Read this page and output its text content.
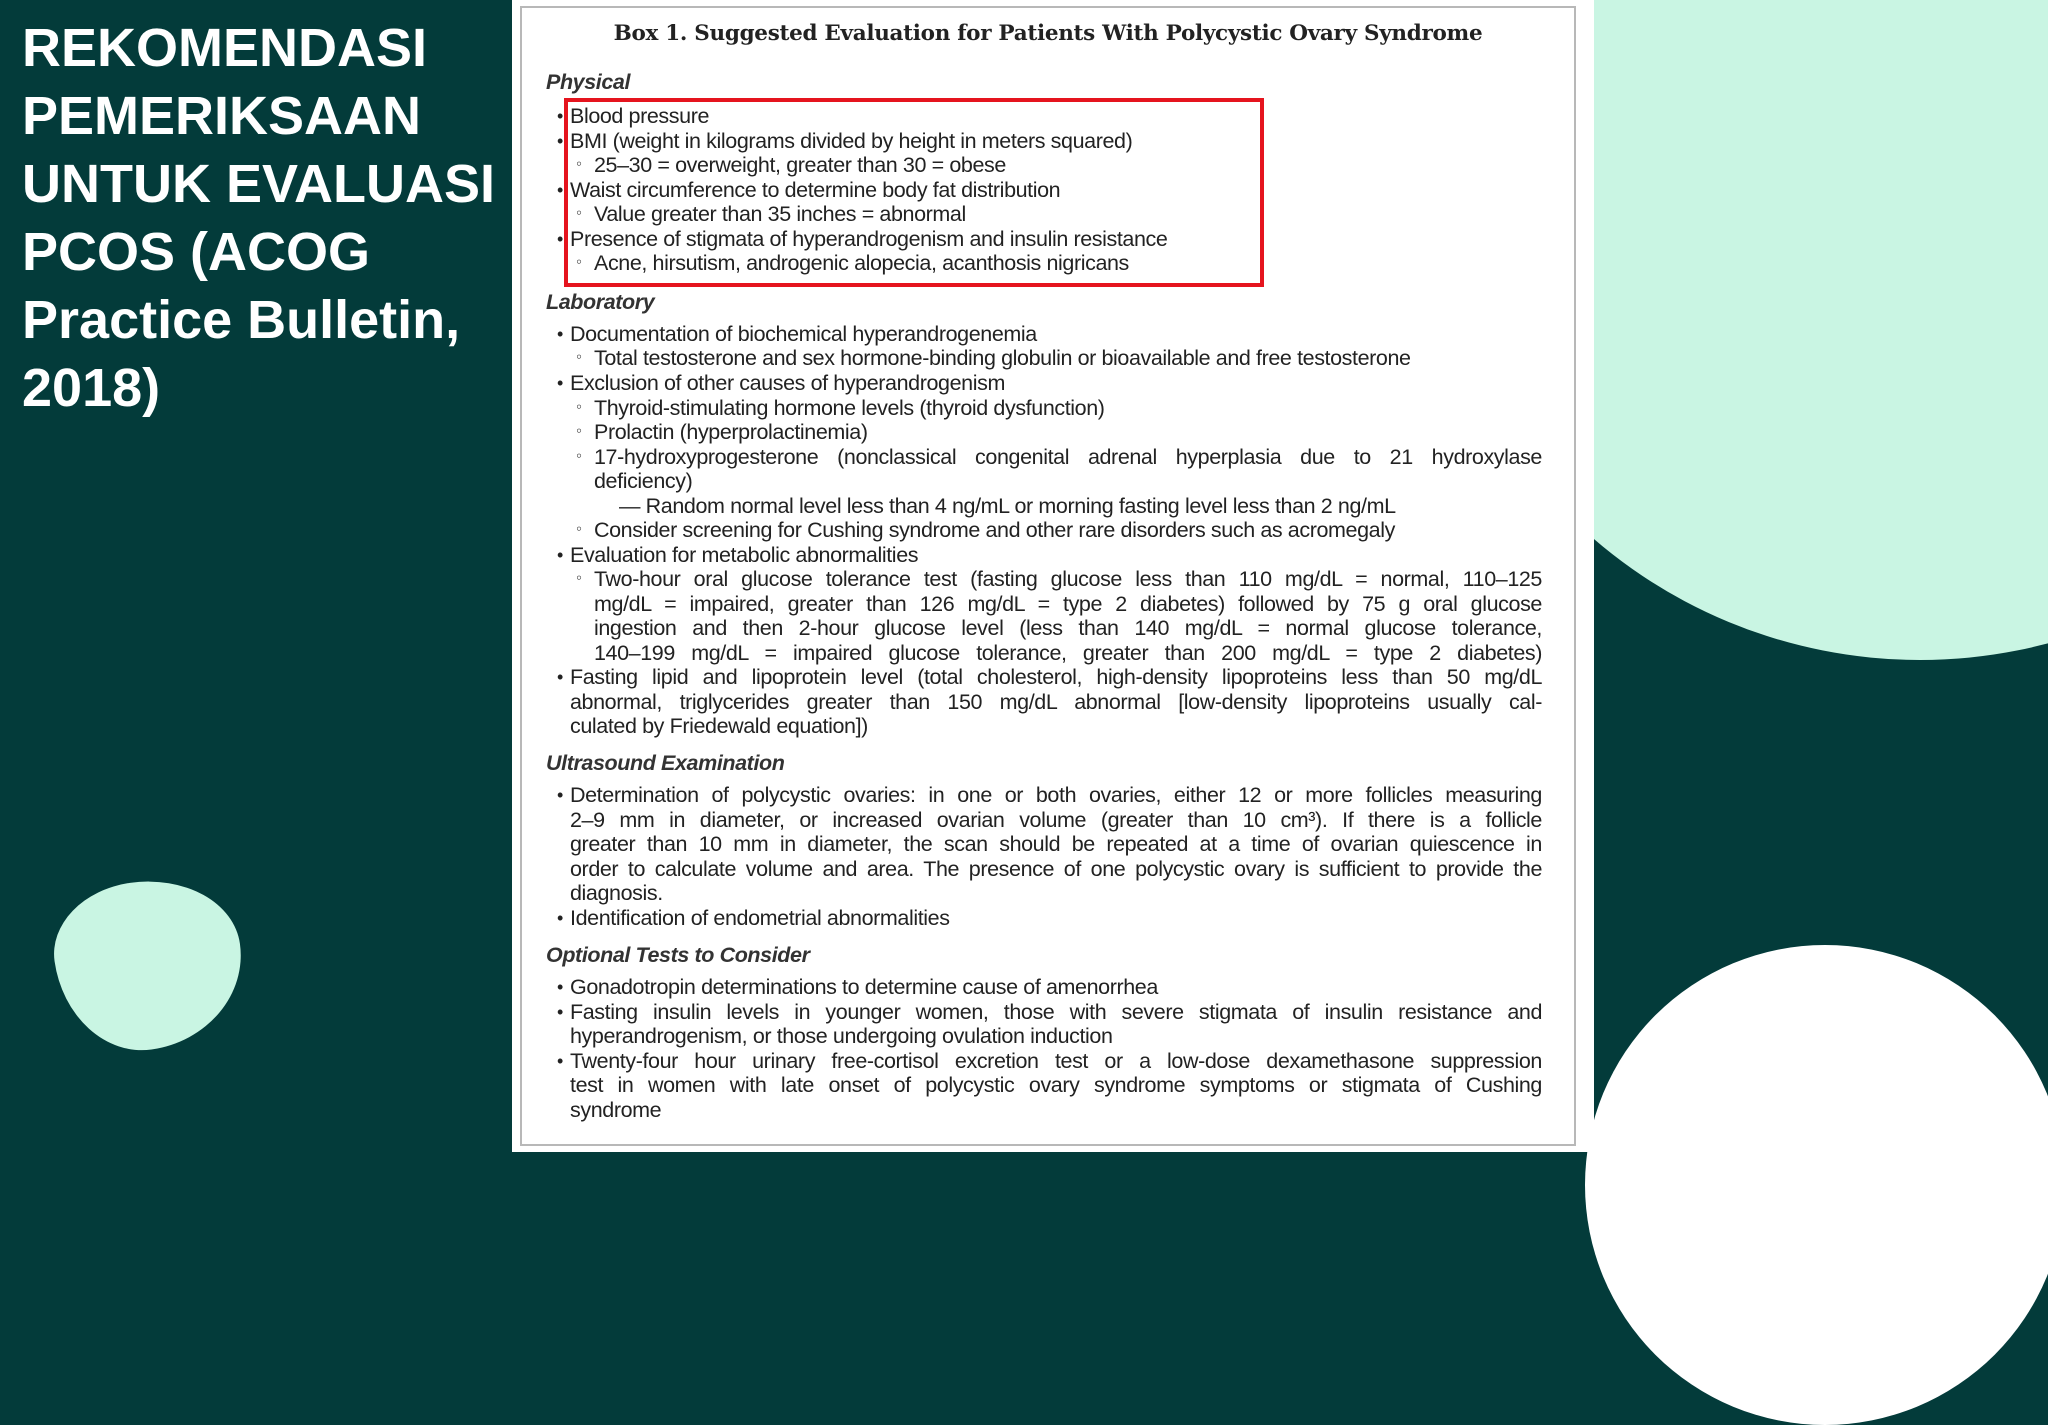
REKOMENDASI PEMERIKSAAN UNTUK EVALUASI PCOS (ACOG Practice Bulletin, 2018)
Box 1. Suggested Evaluation for Patients With Polycystic Ovary Syndrome
Physical
• Blood pressure
• BMI (weight in kilograms divided by height in meters squared)
◦ 25–30 = overweight, greater than 30 = obese
• Waist circumference to determine body fat distribution
◦ Value greater than 35 inches = abnormal
• Presence of stigmata of hyperandrogenism and insulin resistance
◦ Acne, hirsutism, androgenic alopecia, acanthosis nigricans
Laboratory
• Documentation of biochemical hyperandrogenemia
◦ Total testosterone and sex hormone-binding globulin or bioavailable and free testosterone
• Exclusion of other causes of hyperandrogenism
◦ Thyroid-stimulating hormone levels (thyroid dysfunction)
◦ Prolactin (hyperprolactinemia)
◦ 17-hydroxyprogesterone (nonclassical congenital adrenal hyperplasia due to 21 hydroxylase
deficiency)
— Random normal level less than 4 ng/mL or morning fasting level less than 2 ng/mL
◦ Consider screening for Cushing syndrome and other rare disorders such as acromegaly
• Evaluation for metabolic abnormalities
◦ Two-hour oral glucose tolerance test (fasting glucose less than 110 mg/dL = normal, 110–125
mg/dL = impaired, greater than 126 mg/dL = type 2 diabetes) followed by 75 g oral glucose
ingestion and then 2-hour glucose level (less than 140 mg/dL = normal glucose tolerance,
140–199 mg/dL = impaired glucose tolerance, greater than 200 mg/dL = type 2 diabetes)
• Fasting lipid and lipoprotein level (total cholesterol, high-density lipoproteins less than 50 mg/dL
abnormal, triglycerides greater than 150 mg/dL abnormal [low-density lipoproteins usually cal-
culated by Friedewald equation])
Ultrasound Examination
• Determination of polycystic ovaries: in one or both ovaries, either 12 or more follicles measuring
2–9 mm in diameter, or increased ovarian volume (greater than 10 cm³). If there is a follicle
greater than 10 mm in diameter, the scan should be repeated at a time of ovarian quiescence in
order to calculate volume and area. The presence of one polycystic ovary is sufficient to provide the
diagnosis.
• Identification of endometrial abnormalities
Optional Tests to Consider
• Gonadotropin determinations to determine cause of amenorrhea
• Fasting insulin levels in younger women, those with severe stigmata of insulin resistance and
hyperandrogenism, or those undergoing ovulation induction
• Twenty-four hour urinary free-cortisol excretion test or a low-dose dexamethasone suppression
test in women with late onset of polycystic ovary syndrome symptoms or stigmata of Cushing
syndrome
